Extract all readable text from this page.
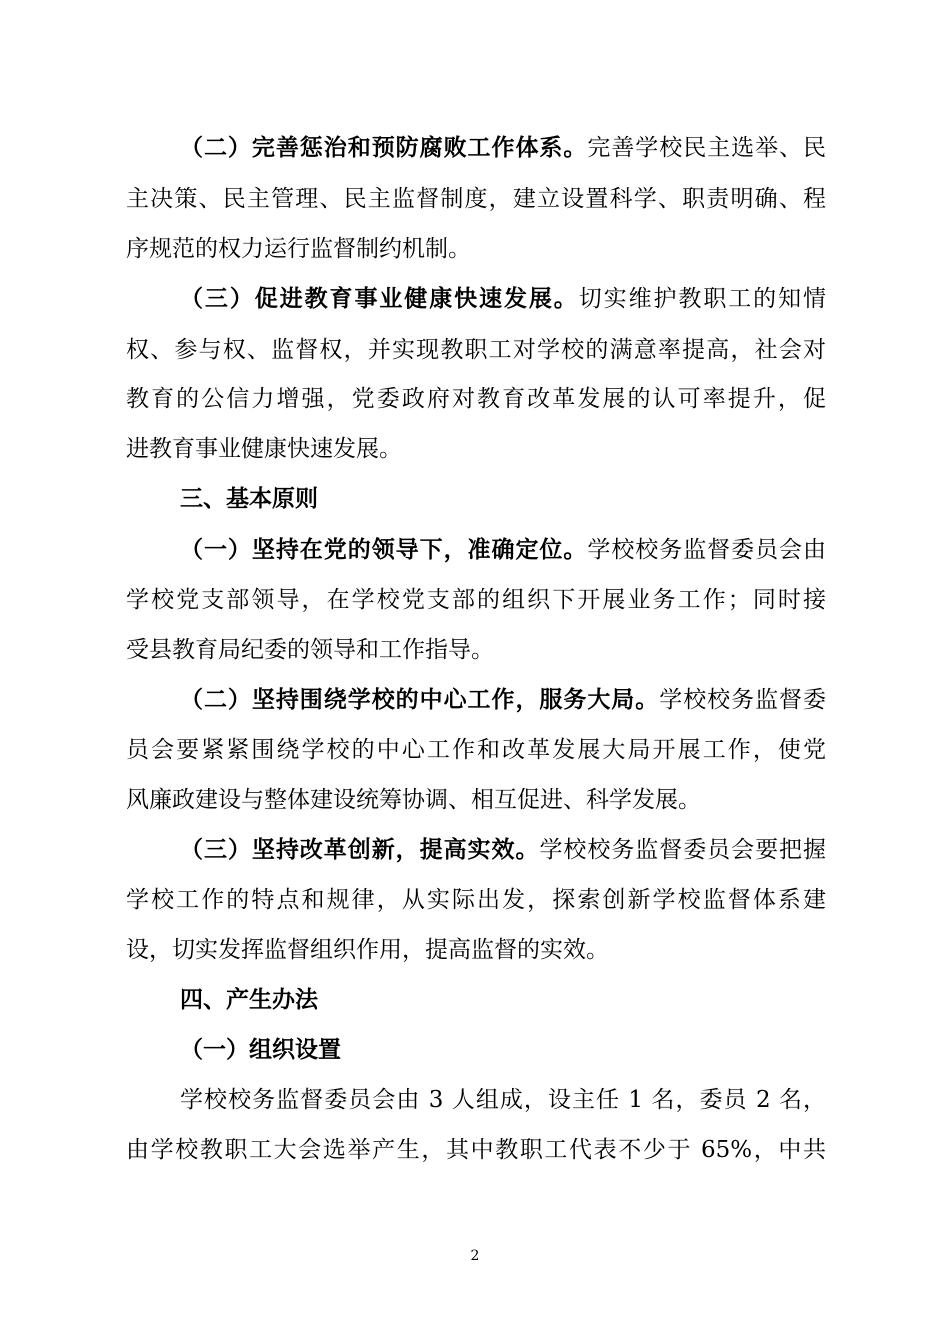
（二）完善惩治和预防腐败工作体系。完善学校民主选举、民
主决策、民主管理、民主监督制度，建立设置科学、职责明确、程
序规范的权力运行监督制约机制。
（三）促进教育事业健康快速发展。切实维护教职工的知情
权、参与权、监督权，并实现教职工对学校的满意率提高，社会对
教育的公信力增强，党委政府对教育改革发展的认可率提升，促
进教育事业健康快速发展。
三、基本原则
（一）坚持在党的领导下，准确定位。学校校务监督委员会由
学校党支部领导，在学校党支部的组织下开展业务工作；同时接
受县教育局纪委的领导和工作指导。
（二）坚持围绕学校的中心工作，服务大局。学校校务监督委
员会要紧紧围绕学校的中心工作和改革发展大局开展工作，使党
风廉政建设与整体建设统筹协调、相互促进、科学发展。
（三）坚持改革创新，提高实效。学校校务监督委员会要把握
学校工作的特点和规律，从实际出发，探索创新学校监督体系建
设，切实发挥监督组织作用，提高监督的实效。
四、产生办法
（一）组织设置
学校校务监督委员会由 3 人组成，设主任 1 名，委员 2 名，
由学校教职工大会选举产生，其中教职工代表不少于 65%，中共
2
